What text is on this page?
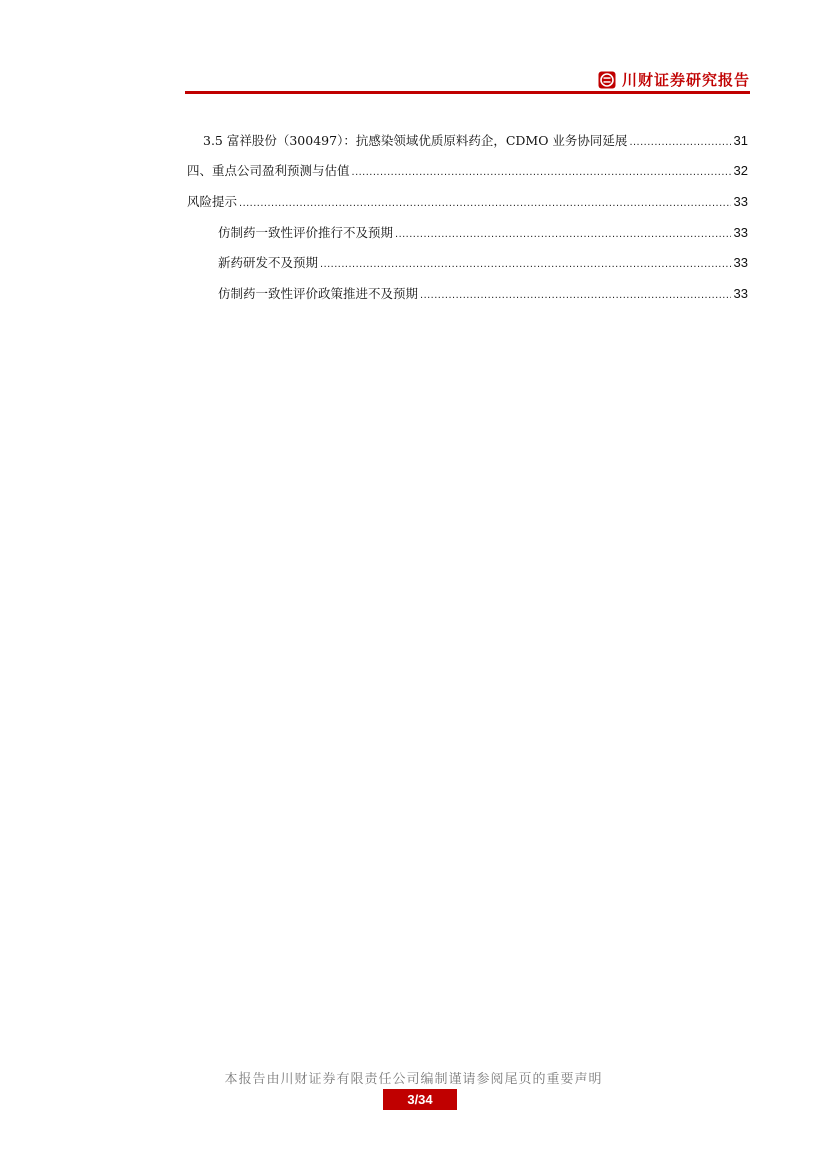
川财证券研究报告
3.5 富祥股份（300497）：抗感染领域优质原料药企，CDMO 业务协同延展 .....	31
四、重点公司盈利预测与估值 .....	32
风险提示 .....	33
仿制药一致性评价推行不及预期 .....	33
新药研发不及预期 .....	33
仿制药一致性评价政策推进不及预期 .....	33
本报告由川财证券有限责任公司编制谨请参阅尾页的重要声明
3/34
